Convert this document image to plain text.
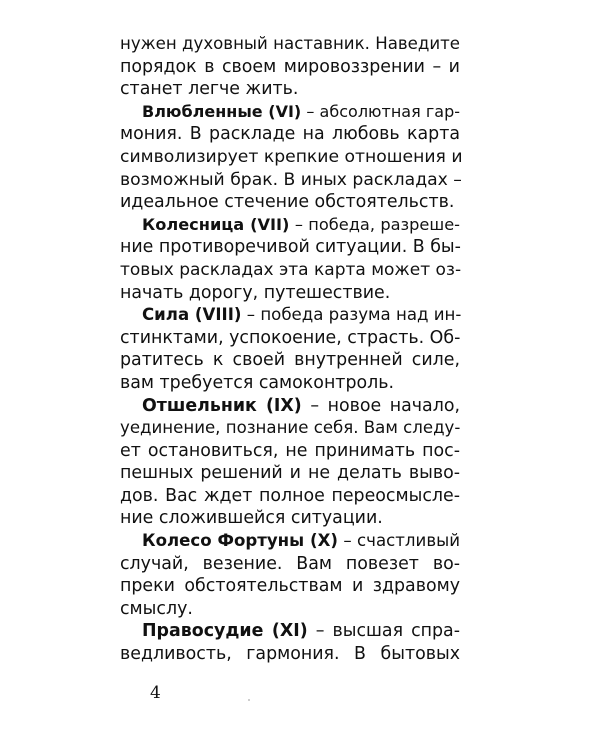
нужен духовный наставник. Наведите
порядок в своем мировоззрении – и
станет легче жить.
Влюбленные (VI) – абсолютная гар-
мония. В раскладе на любовь карта
символизирует крепкие отношения и
возможный брак. В иных раскладах –
идеальное стечение обстоятельств.
Колесница (VII) – победа, разреше-
ние противоречивой ситуации. В бы-
товых раскладах эта карта может оз-
начать дорогу, путешествие.
Сила (VIII) – победа разума над ин-
стинктами, успокоение, страсть. Об-
ратитесь к своей внутренней силе,
вам требуется самоконтроль.
Отшельник (IX) – новое начало,
уединение, познание себя. Вам следу-
ет остановиться, не принимать пос-
пешных решений и не делать выво-
дов. Вас ждет полное переосмысле-
ние сложившейся ситуации.
Колесо Фортуны (X) – счастливый
случай, везение. Вам повезет во-
преки обстоятельствам и здравому
смыслу.
Правосудие (XI) – высшая спра-
ведливость, гармония. В бытовых
4
